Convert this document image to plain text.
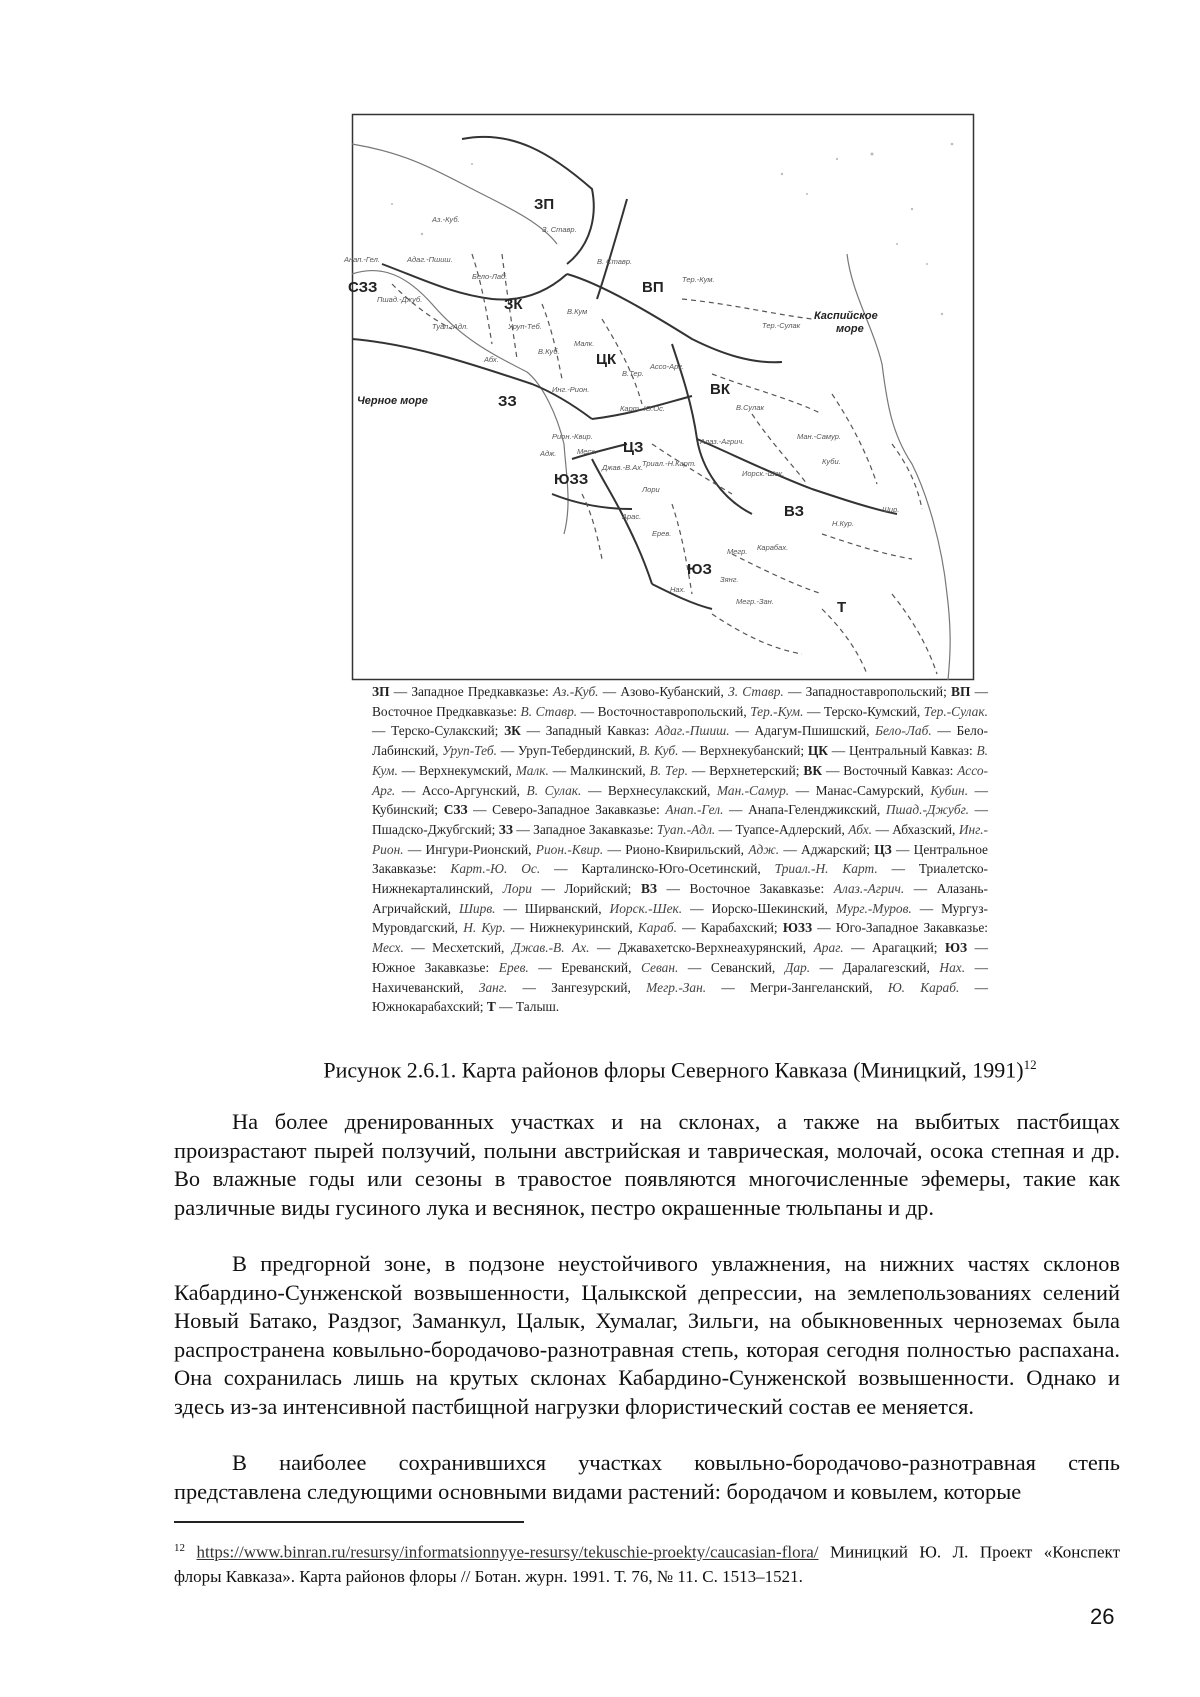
ЗП
ЗК
ВП
ЦК
ВК
СЗЗ
ЗЗ
ЦЗ
ЮЗЗ
ВЗ
ЮЗ
Т
Аз.-Куб.
З. Ставр.
В. Ставр.
Тер.-Кум.
Анап.-Гел.	Адаг.-Пшиш.
Бело-Лаб.
В.Кум
Пшад.-Джуб.
Туап.-Адл.	Уруп-Теб.
В.Куб.
Малк.
Тер.-Сулак
Абх.
В.Тер.
Ассо-Арг.
Инг.-Рион.
Карт.-Ю.Ос.	В.Сулак
Рион.-Квир.
Алаз.-Агрич.
Ман.-Самур.
Адж.	Месх.
Триал.-Н.Карт.
Джав.-В.Ах.
Куби.
Лори
Иорск.-Шек.
Арас.
Шир.
Ерев.
Н.Кур.
Карабах.
Мегр.
Зянг.
Нах.
Мегр.-Зан.
Черное море
Каспийское
море
ЗП — Западное Предкавказье: Аз.-Куб. — Азово-Кубанский, З. Ставр. — Западноставропольский; ВП — Восточное Предкавказье: В. Ставр. — Восточноставропольский, Тер.-Кум. — Терско-Кумский, Тер.-Сулак. — Терско-Сулакский; ЗК — Западный Кавказ: Адаг.-Пшиш. — Адагум-Пшишский, Бело-Лаб. — Бело-Лабинский, Уруп-Теб. — Уруп-Тебердинский, В. Куб. — Верхнекубанский; ЦК — Центральный Кавказ: В. Кум. — Верхнекумский, Малк. — Малкинский, В. Тер. — Верхнетерский; ВК — Восточный Кавказ: Ассо-Арг. — Ассо-Аргунский, В. Сулак. — Верхнесулакский, Ман.-Самур. — Манас-Самурский, Кубин. — Кубинский; СЗЗ — Северо-Западное Закавказье: Анап.-Гел. — Анапа-Геленджикский, Пшад.-Джубг. — Пшадско-Джубгский; ЗЗ — Западное Закавказье: Туап.-Адл. — Туапсе-Адлерский, Абх. — Абхазский, Инг.-Рион. — Ингури-Рионский, Рион.-Квир. — Рионо-Квирильский, Адж. — Аджарский; ЦЗ — Центральное Закавказье: Карт.-Ю. Ос. — Карталинско-Юго-Осетинский, Триал.-Н. Карт. — Триалетско-Нижнекарталинский, Лори — Лорийский; ВЗ — Восточное Закавказье: Алаз.-Агрич. — Алазань-Агричайский, Ширв. — Ширванский, Иорск.-Шек. — Иорско-Шекинский, Мург.-Муров. — Мургуз-Муровдагский, Н. Кур. — Нижнекуринский, Караб. — Карабахский; ЮЗЗ — Юго-Западное Закавказье: Месх. — Месхетский, Джав.-В. Ах. — Джавахетско-Верхнеахурянский, Араг. — Арагацкий; ЮЗ — Южное Закавказье: Ерев. — Ереванский, Севан. — Севанский, Дар. — Даралагезский, Нах. — Нахичеванский, Занг. — Зангезурский, Мегр.-Зан. — Мегри-Зангеланский, Ю. Караб. — Южнокарабахский; Т — Талыш.
Рисунок 2.6.1. Карта районов флоры Северного Кавказа (Миницкий, 1991)$^{12}$

На более дренированных участках и на склонах, а также на выбитых пастбищах произрастают пырей ползучий, полыни австрийская и таврическая, молочай, осока степная и др. Во влажные годы или сезоны в травостое появляются многочисленные эфемеры, такие как различные виды гусиного лука и веснянок, пестро окрашенные тюльпаны и др.

В предгорной зоне, в подзоне неустойчивого увлажнения, на нижних частях склонов Кабардино-Сунженской возвышенности, Цалыкской депрессии, на землепользованиях селений Новый Батако, Раздзог, Заманкул, Цалык, Хумалаг, Зильги, на обыкновенных черноземах была распространена ковыльно-бородачово-разнотравная степь, которая сегодня полностью распахана. Она сохранилась лишь на крутых склонах Кабардино-Сунженской возвышенности. Однако и здесь из-за интенсивной пастбищной нагрузки флористический состав ее меняется.

В наиболее сохранившихся участках ковыльно-бородачово-разнотравная степь представлена следующими основными видами растений: бородачом и ковылем, которые

$^{12}$ https://www.binran.ru/resursy/informatsionnyye-resursy/tekuschie-proekty/caucasian-flora/ Миницкий Ю. Л. Проект «Конспект флоры Кавказа». Карта районов флоры // Ботан. журн. 1991. Т. 76, № 11. С. 1513–1521.
26
